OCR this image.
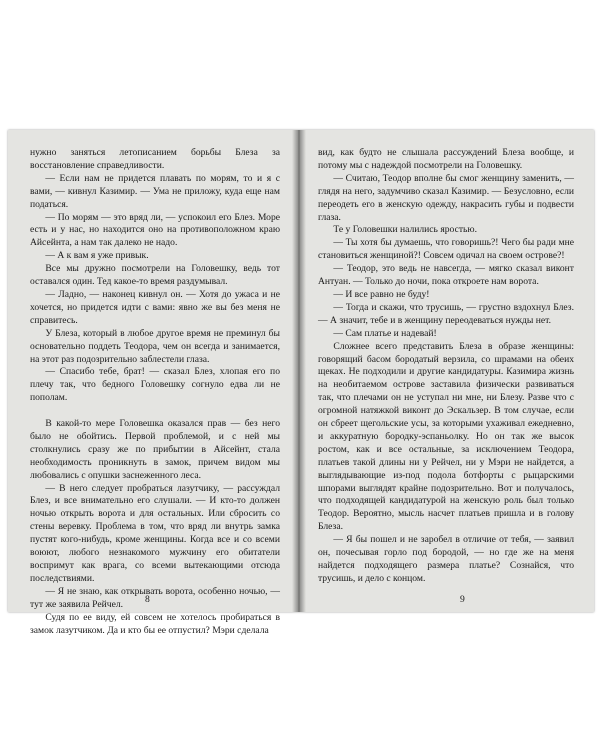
нужно заняться летописанием борьбы Блеза за восстановление справедливости.

— Если нам не придется плавать по морям, то и я с вами, — кивнул Казимир. — Ума не приложу, куда еще нам податься.

— По морям — это вряд ли, — успокоил его Блез. Море есть и у нас, но находится оно на противоположном краю Айсейнта, а нам так далеко не надо.

— А к вам я уже привык.

Все мы дружно посмотрели на Головешку, ведь тот оставался один. Тед какое-то время раздумывал.

— Ладно, — наконец кивнул он. — Хотя до ужаса и не хочется, но придется идти с вами: явно же вы без меня не справитесь.

У Блеза, который в любое другое время не преминул бы основательно поддеть Теодора, чем он всегда и занимается, на этот раз подозрительно заблестели глаза.

— Спасибо тебе, брат! — сказал Блез, хлопая его по плечу так, что бедного Головешку согнуло едва ли не пополам.

В какой-то мере Головешка оказался прав — без него было не обойтись. Первой проблемой, и с ней мы столкнулись сразу же по прибытии в Айсейнт, стала необходимость проникнуть в замок, причем видом мы любовались с опушки заснеженного леса.

— В него следует пробраться лазутчику, — рассуждал Блез, и все внимательно его слушали. — И кто-то должен ночью открыть ворота и для остальных. Или сбросить со стены веревку. Проблема в том, что вряд ли внутрь замка пустят кого-нибудь, кроме женщины. Когда все и со всеми воюют, любого незнакомого мужчину его обитатели воспримут как врага, со всеми вытекающими отсюда последствиями.

— Я не знаю, как открывать ворота, особенно ночью, — тут же заявила Рейчел.

Судя по ее виду, ей совсем не хотелось пробираться в замок лазутчиком. Да и кто бы ее отпустил? Мэри сделала

8

вид, как будто не слышала рассуждений Блеза вообще, и потому мы с надеждой посмотрели на Головешку.

— Считаю, Теодор вполне бы смог женщину заменить, — глядя на него, задумчиво сказал Казимир. — Безусловно, если переодеть его в женскую одежду, накрасить губы и подвести глаза.

Те у Головешки налились яростью.

— Ты хотя бы думаешь, что говоришь?! Чего бы ради мне становиться женщиной?! Совсем одичал на своем острове?!

— Теодор, это ведь не навсегда, — мягко сказал виконт Антуан. — Только до ночи, пока откроете нам ворота.

— И все равно не буду!

— Тогда и скажи, что трусишь, — грустно вздохнул Блез. — А значит, тебе и в женщину переодеваться нужды нет.

— Сам платье и надевай!

Сложнее всего представить Блеза в образе женщины: говорящий басом бородатый верзила, со шрамами на обеих щеках. Не подходили и другие кандидатуры. Казимира жизнь на необитаемом острове заставила физически развиваться так, что плечами он не уступал ни мне, ни Блезу. Разве что с огромной натяжкой виконт до Эскальзер. В том случае, если он сбреет щегольские усы, за которыми ухаживал ежедневно, и аккуратную бородку-эспаньолку. Но он так же высок ростом, как и все остальные, за исключением Теодора, платьев такой длины ни у Рейчел, ни у Мэри не найдется, а выглядывающие из-под подола ботфорты с рыцарскими шпорами выглядят крайне подозрительно. Вот и получалось, что подходящей кандидатурой на женскую роль был только Теодор. Вероятно, мысль насчет платьев пришла и в голову Блеза.

— Я бы пошел и не заробел в отличие от тебя, — заявил он, почесывая горло под бородой, — но где же на меня найдется подходящего размера платье? Сознайся, что трусишь, и дело с концом.

9
